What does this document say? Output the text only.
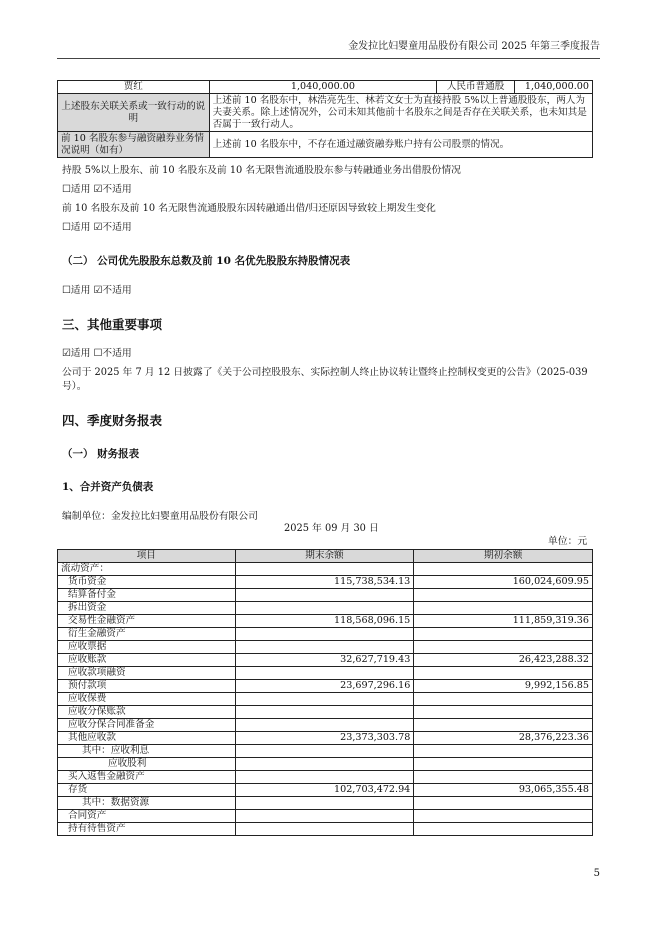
金发拉比妇婴童用品股份有限公司 2025 年第三季度报告
贾红	1,040,000.00	人民币普通股	1,040,000.00
上述股东关联关系或一致行动的说明	上述前 10 名股东中，林浩亮先生、林若文女士为直接持股 5%以上普通股股东，两人为夫妻关系。除上述情况外，公司未知其他前十名股东之间是否存在关联关系，也未知其是否属于一致行动人。		
前 10 名股东参与融资融券业务情况说明（如有）	上述前 10 名股东中，不存在通过融资融券账户持有公司股票的情况。		
持股 5%以上股东、前 10 名股东及前 10 名无限售流通股股东参与转融通业务出借股份情况
☐适用 ☑不适用
前 10 名股东及前 10 名无限售流通股股东因转融通出借/归还原因导致较上期发生变化
☐适用 ☑不适用
（二） 公司优先股股东总数及前 10 名优先股股东持股情况表
☐适用 ☑不适用
三、其他重要事项
☑适用 ☐不适用
公司于 2025 年 7 月 12 日披露了《关于公司控股股东、实际控制人终止协议转让暨终止控制权变更的公告》（2025-039 号）。
四、季度财务报表
（一） 财务报表
1、合并资产负债表
编制单位：金发拉比妇婴童用品股份有限公司
2025 年 09 月 30 日
单位：元
项目	期末余额	期初余额
流动资产：		
货币资金	115,738,534.13	160,024,609.95
结算备付金		
拆出资金		
交易性金融资产	118,568,096.15	111,859,319.36
衍生金融资产		
应收票据		
应收账款	32,627,719.43	26,423,288.32
应收款项融资		
预付款项	23,697,296.16	9,992,156.85
应收保费		
应收分保账款		
应收分保合同准备金		
其他应收款	23,373,303.78	28,376,223.36
其中：应收利息		
应收股利		
买入返售金融资产		
存货	102,703,472.94	93,065,355.48
其中：数据资源		
合同资产		
持有待售资产		
5
